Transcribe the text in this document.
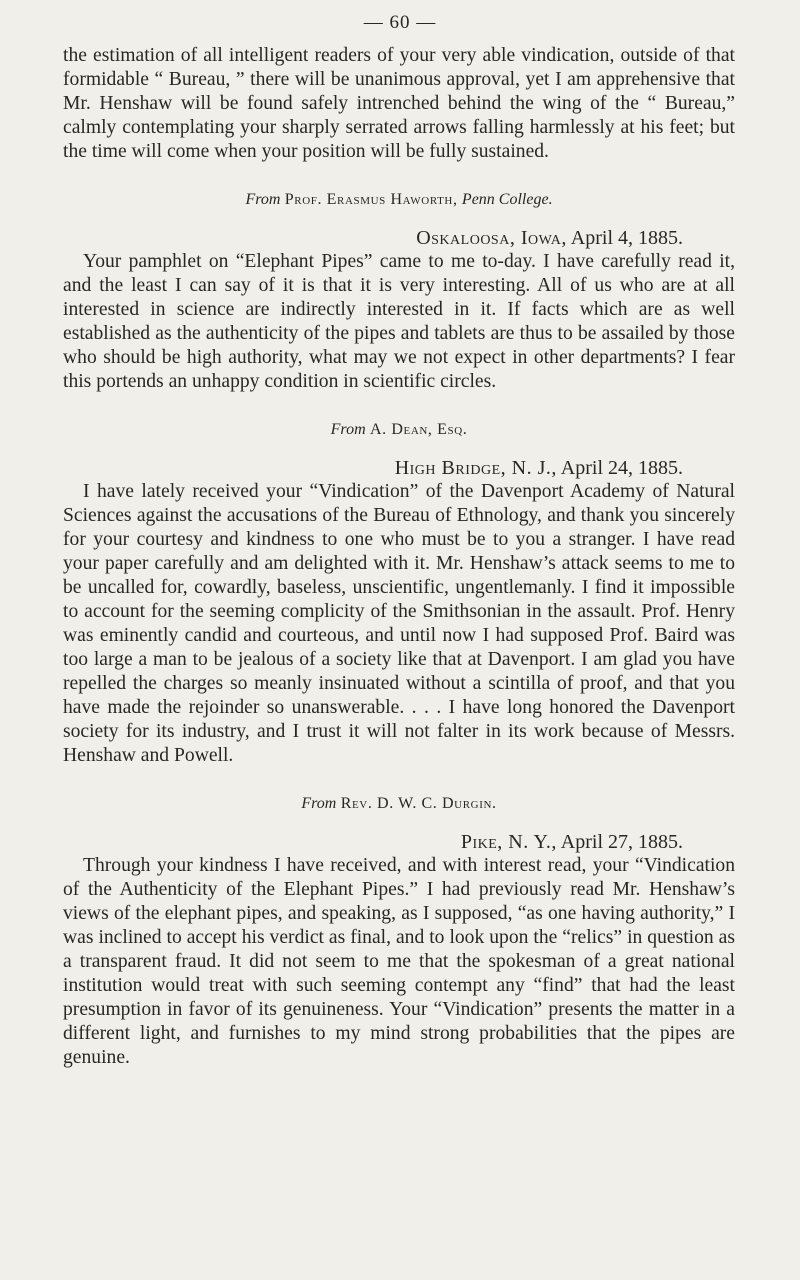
— 60 —

the estimation of all intelligent readers of your very able vindication, outside of that formidable “ Bureau, ” there will be unanimous approval, yet I am apprehensive that Mr. Henshaw will be found safely intrenched behind the wing of the “ Bureau,” calmly contemplating your sharply serrated arrows falling harmlessly at his feet; but the time will come when your position will be fully sustained.

From Prof. Erasmus Haworth, Penn College.

Oskaloosa, Iowa, April 4, 1885.

Your pamphlet on “Elephant Pipes” came to me to-day. I have carefully read it, and the least I can say of it is that it is very interesting. All of us who are at all interested in science are indirectly interested in it. If facts which are as well established as the authenticity of the pipes and tablets are thus to be assailed by those who should be high authority, what may we not expect in other departments? I fear this portends an unhappy condition in scientific circles.

From A. Dean, Esq.

High Bridge, N. J., April 24, 1885.

I have lately received your “Vindication” of the Davenport Academy of Natural Sciences against the accusations of the Bureau of Ethnology, and thank you sincerely for your courtesy and kindness to one who must be to you a stranger. I have read your paper carefully and am delighted with it. Mr. Henshaw’s attack seems to me to be uncalled for, cowardly, baseless, unscientific, ungentlemanly. I find it impossible to account for the seeming complicity of the Smithsonian in the assault. Prof. Henry was eminently candid and courteous, and until now I had supposed Prof. Baird was too large a man to be jealous of a society like that at Davenport. I am glad you have repelled the charges so meanly insinuated without a scintilla of proof, and that you have made the rejoinder so unanswerable. . . . I have long honored the Davenport society for its industry, and I trust it will not falter in its work because of Messrs. Henshaw and Powell.

From Rev. D. W. C. Durgin.

Pike, N. Y., April 27, 1885.

Through your kindness I have received, and with interest read, your “Vindication of the Authenticity of the Elephant Pipes.” I had previously read Mr. Henshaw’s views of the elephant pipes, and speaking, as I supposed, “as one having authority,” I was inclined to accept his verdict as final, and to look upon the “relics” in question as a transparent fraud. It did not seem to me that the spokesman of a great national institution would treat with such seeming contempt any “find” that had the least presumption in favor of its genuineness. Your “Vindication” presents the matter in a different light, and furnishes to my mind strong probabilities that the pipes are genuine.
